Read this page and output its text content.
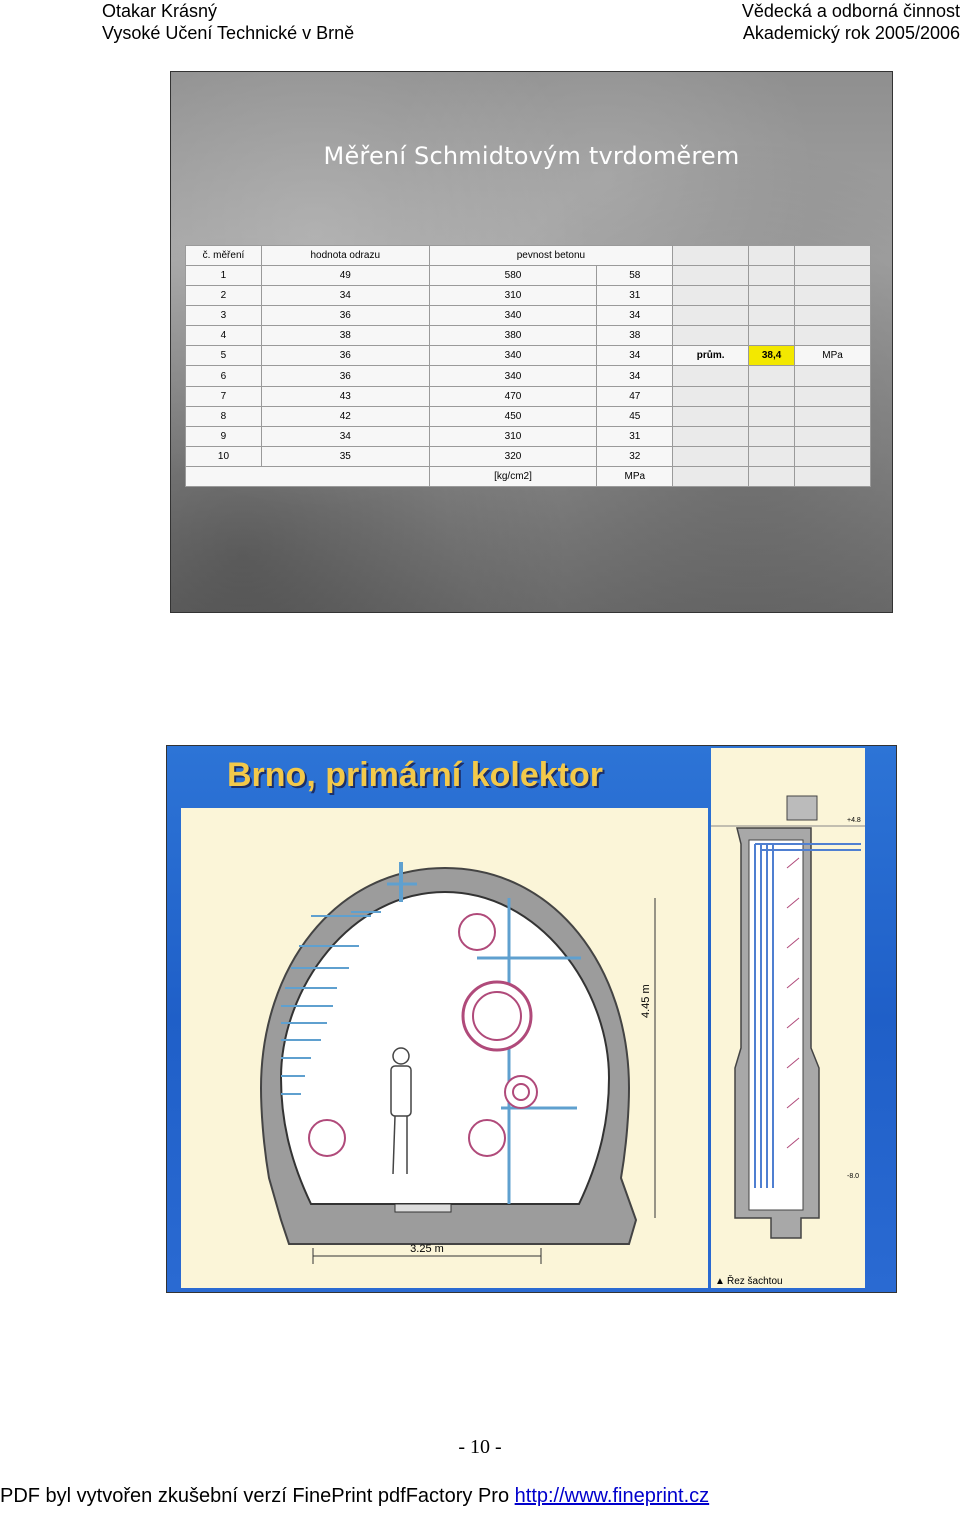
Otakar Krásný
Vysoké Učení Technické v Brně
Vědecká a odborná činnost
Akademický rok 2005/2006
Měření Schmidtovým tvrdoměrem
č. měření	hodnota odrazu	pevnost betonu				
1	49	580	58			
2	34	310	31			
3	36	340	34			
4	38	380	38			
5	36	340	34	prům.	38,4	MPa
6	36	340	34			
7	43	470	47			
8	42	450	45			
9	34	310	31			
10	35	320	32			
		[kg/cm2]	MPa			
Brno, primární kolektor
3.25 m
4.45 m
+4.8
-8.0
▲ Řez šachtou
- 10 -
PDF byl vytvořen zkušební verzí FinePrint pdfFactory Pro http://www.fineprint.cz
